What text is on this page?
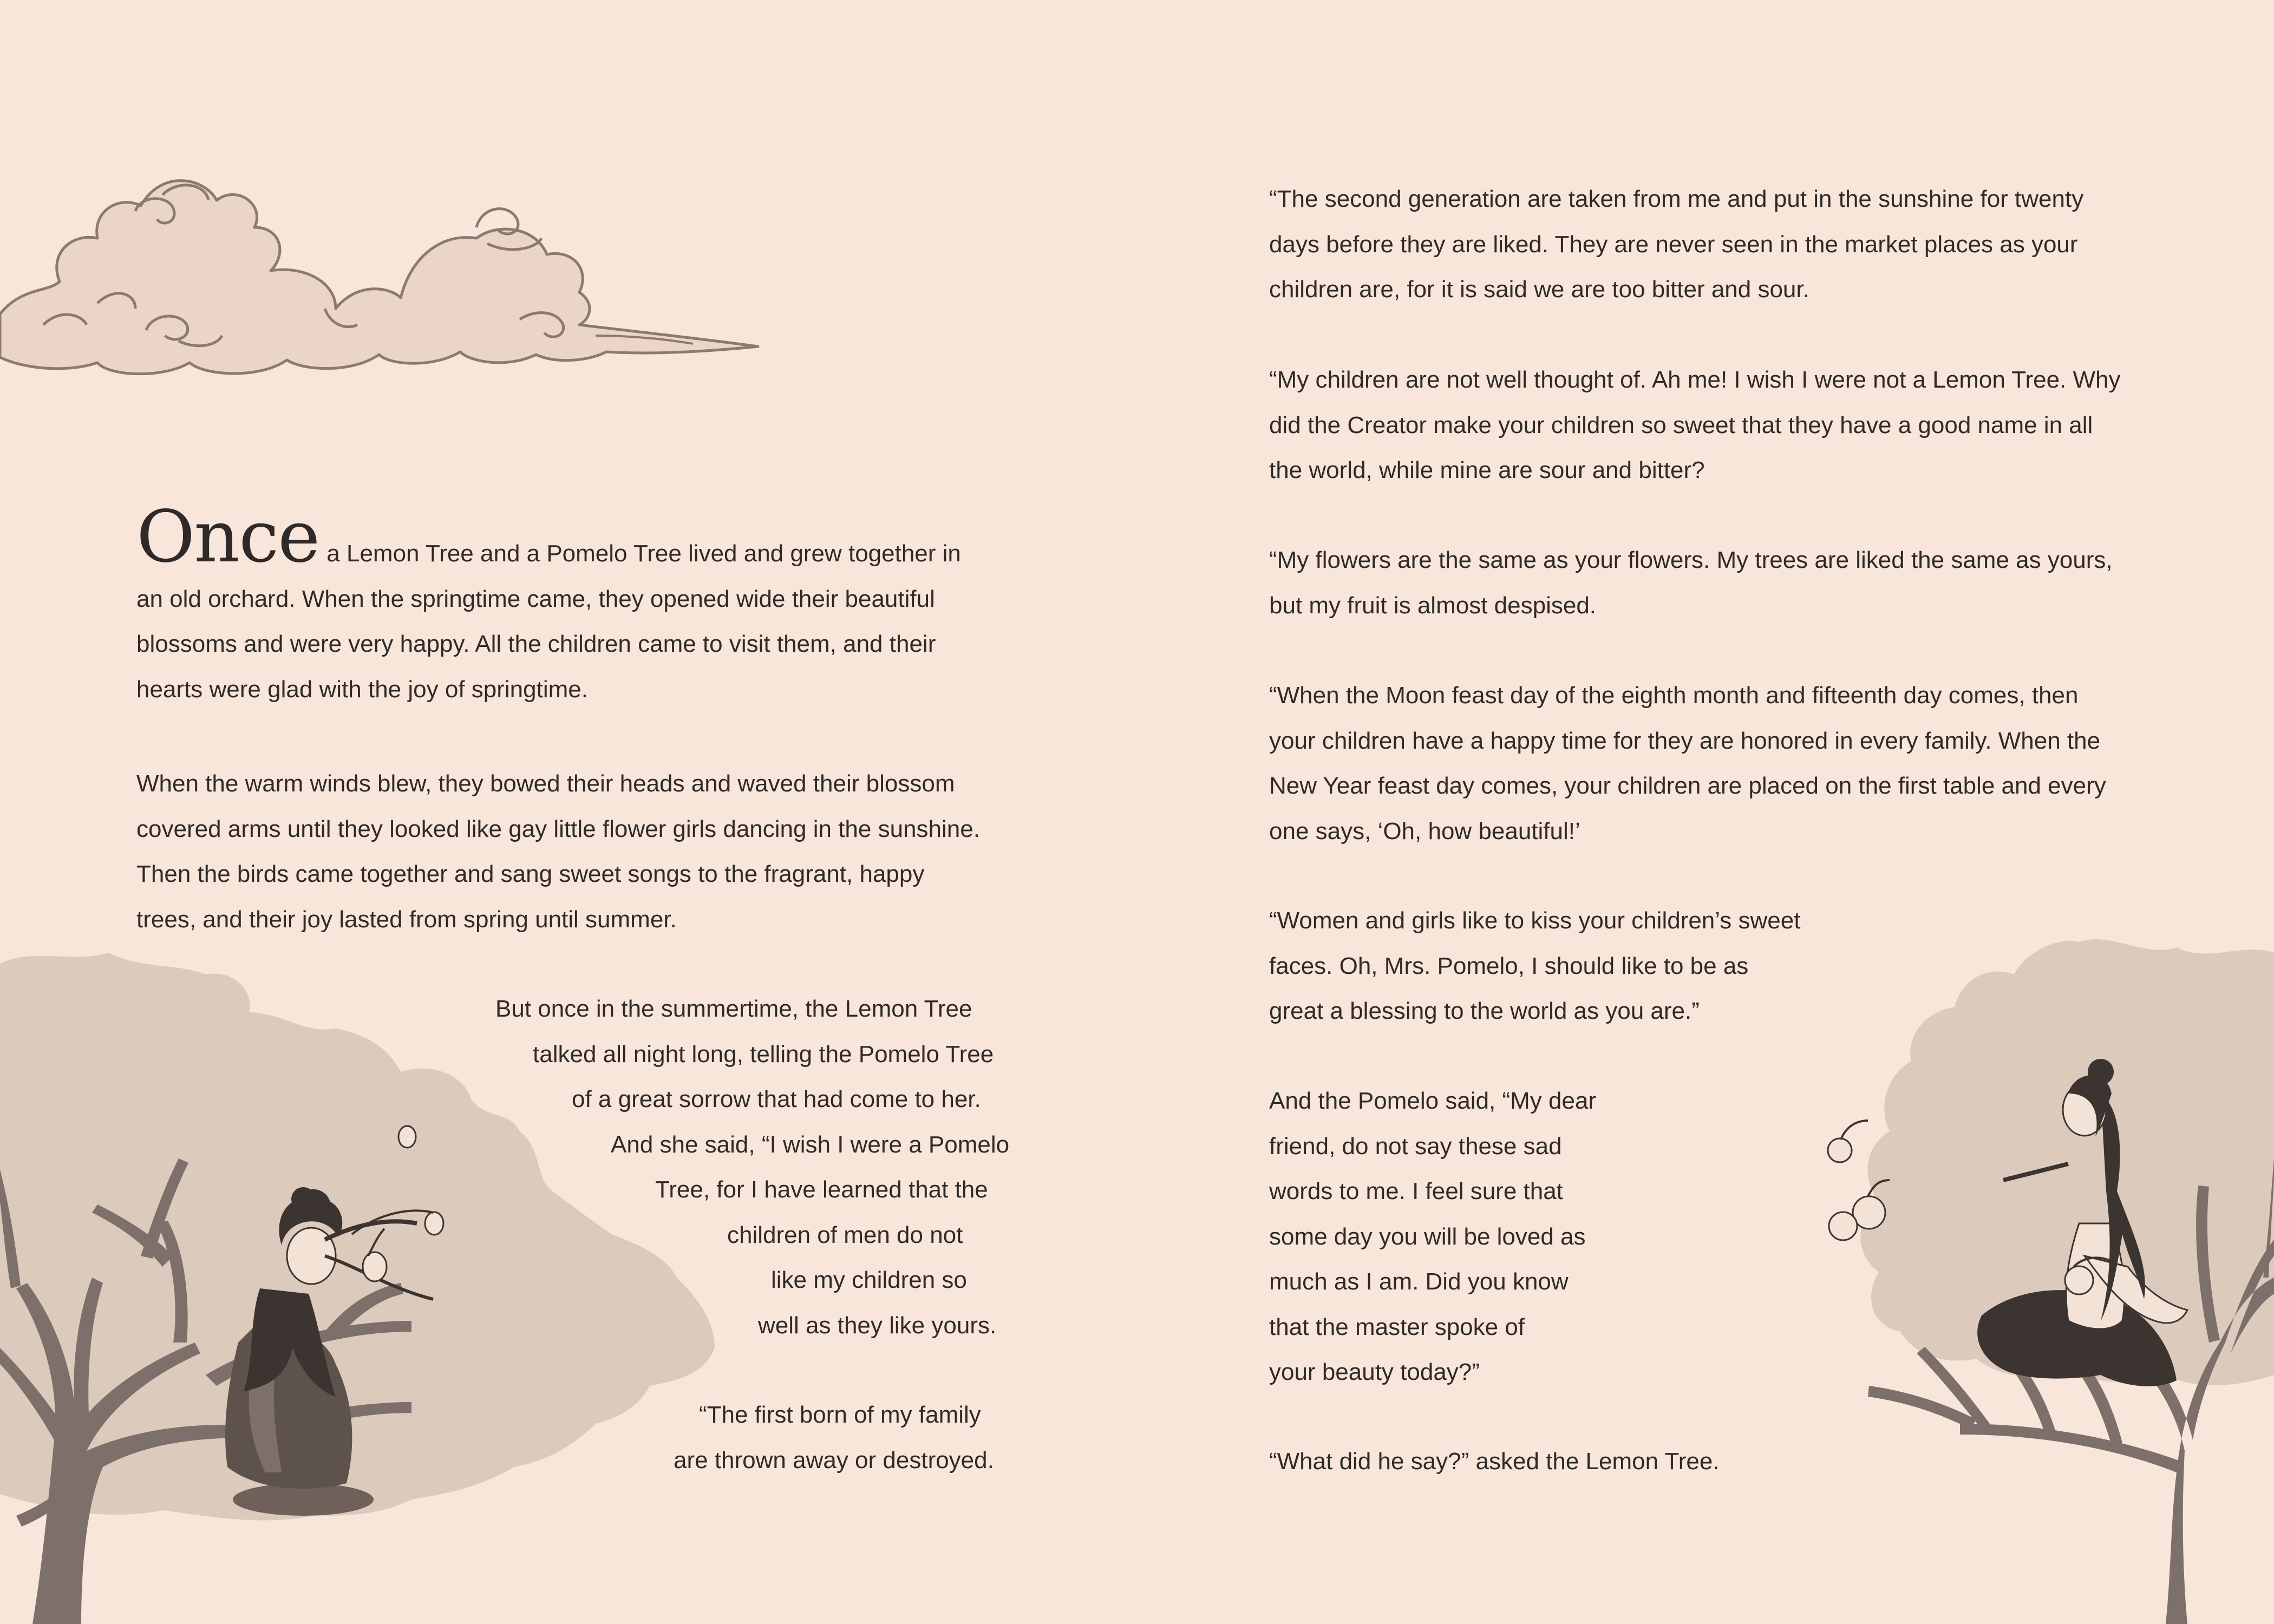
Once a Lemon Tree and a Pomelo Tree lived and grew together in
an old orchard. When the springtime came, they opened wide their beautiful
blossoms and were very happy. All the children came to visit them, and their
hearts were glad with the joy of springtime.
When the warm winds blew, they bowed their heads and waved their blossom
covered arms until they looked like gay little flower girls dancing in the sunshine.
Then the birds came together and sang sweet songs to the fragrant, happy
trees, and their joy lasted from spring until summer.
But once in the summertime, the Lemon Tree
talked all night long, telling the Pomelo Tree
of a great sorrow that had come to her.
And she said, “I wish I were a Pomelo
Tree, for I have learned that the
children of men do not
like my children so
well as they like yours.
“The first born of my family
are thrown away or destroyed.
“The second generation are taken from me and put in the sunshine for twenty
days before they are liked. They are never seen in the market places as your
children are, for it is said we are too bitter and sour.
“My children are not well thought of. Ah me! I wish I were not a Lemon Tree. Why
did the Creator make your children so sweet that they have a good name in all
the world, while mine are sour and bitter?
“My flowers are the same as your flowers. My trees are liked the same as yours,
but my fruit is almost despised.
“When the Moon feast day of the eighth month and fifteenth day comes, then
your children have a happy time for they are honored in every family. When the
New Year feast day comes, your children are placed on the first table and every
one says, ‘Oh, how beautiful!’
“Women and girls like to kiss your children’s sweet
faces. Oh, Mrs. Pomelo, I should like to be as
great a blessing to the world as you are.”
And the Pomelo said, “My dear
friend, do not say these sad
words to me. I feel sure that
some day you will be loved as
much as I am. Did you know
that the master spoke of
your beauty today?”
“What did he say?” asked the Lemon Tree.
